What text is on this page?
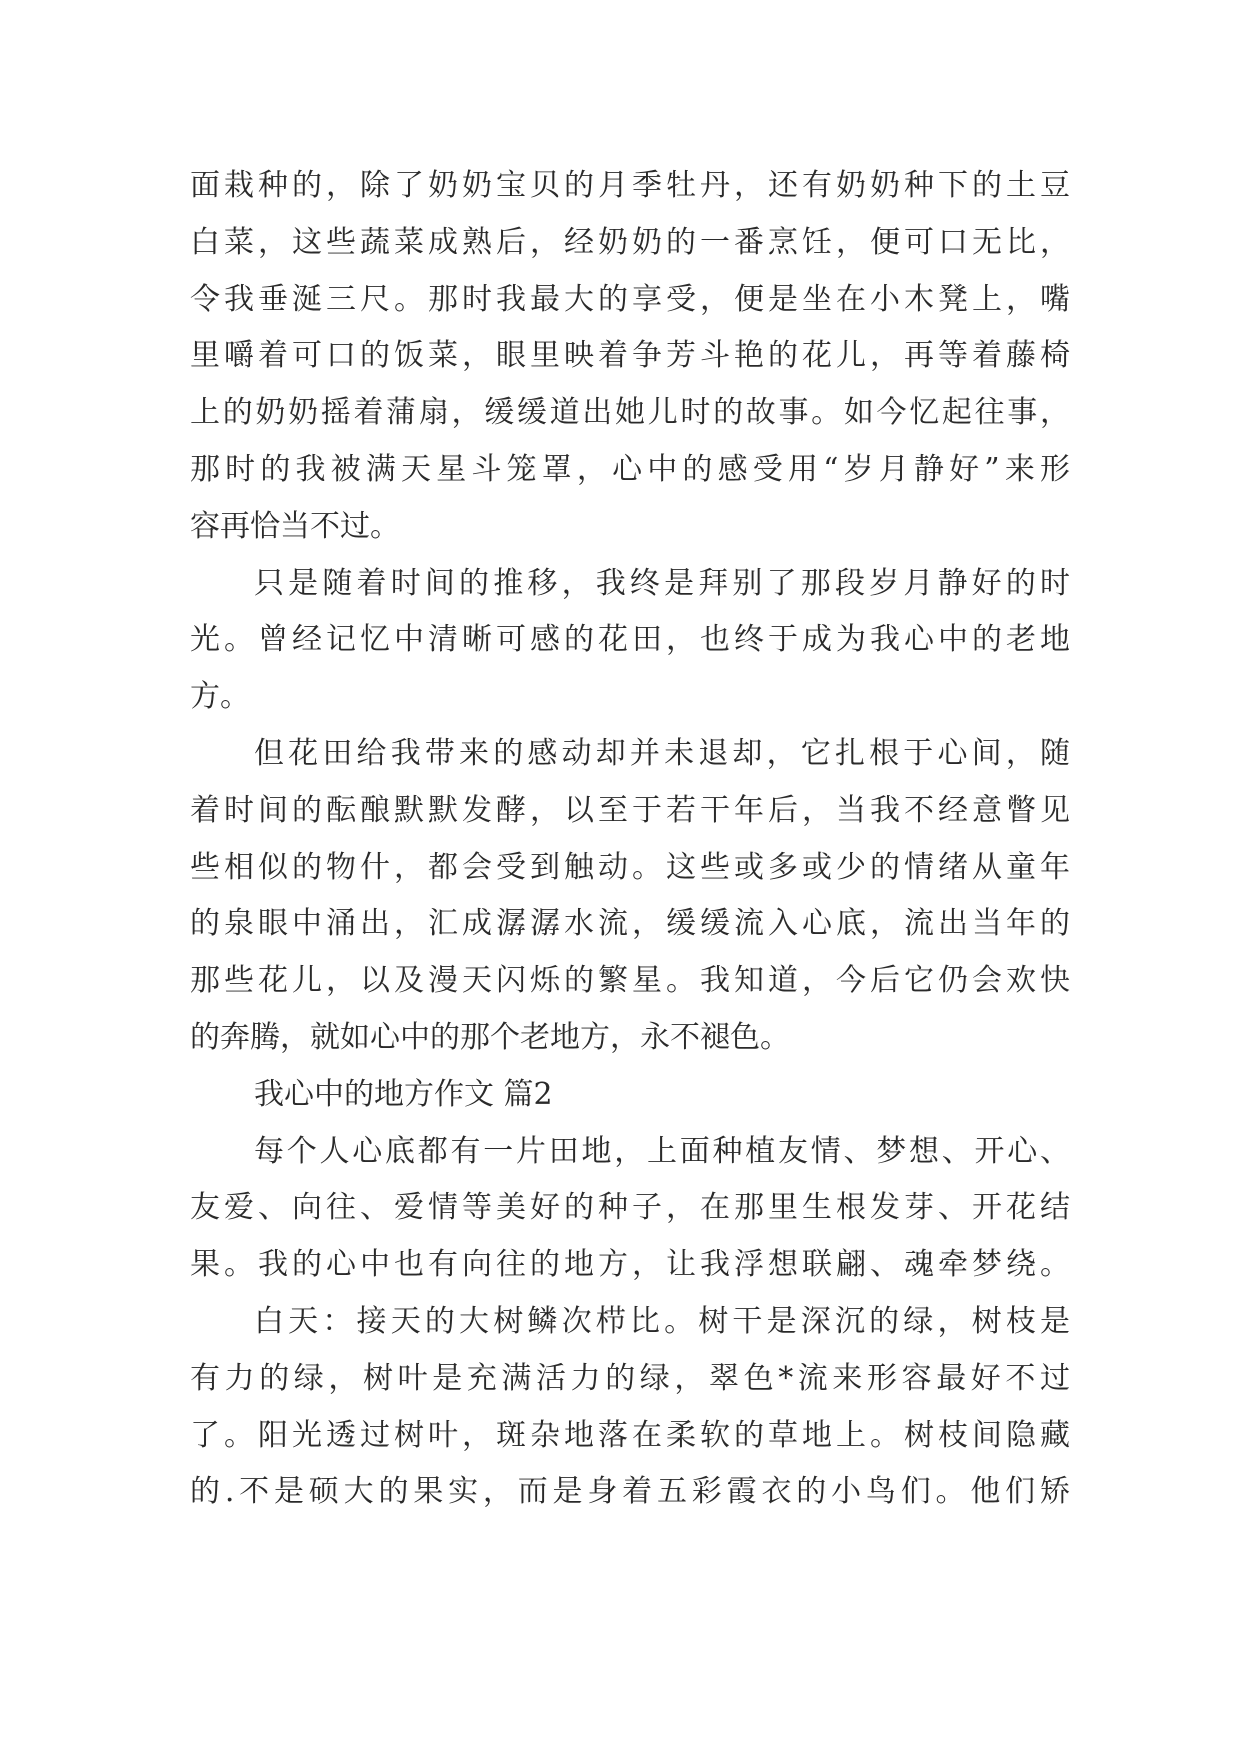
面栽种的，除了奶奶宝贝的月季牡丹，还有奶奶种下的土豆
白菜，这些蔬菜成熟后，经奶奶的一番烹饪，便可口无比，
令我垂涎三尺。那时我最大的享受，便是坐在小木凳上，嘴
里嚼着可口的饭菜，眼里映着争芳斗艳的花儿，再等着藤椅
上的奶奶摇着蒲扇，缓缓道出她儿时的故事。如今忆起往事，
那时的我被满天星斗笼罩，心中的感受用“岁月静好”来形
容再恰当不过。
只是随着时间的推移，我终是拜别了那段岁月静好的时
光。曾经记忆中清晰可感的花田，也终于成为我心中的老地
方。
但花田给我带来的感动却并未退却，它扎根于心间，随
着时间的酝酿默默发酵，以至于若干年后，当我不经意瞥见
些相似的物什，都会受到触动。这些或多或少的情绪从童年
的泉眼中涌出，汇成潺潺水流，缓缓流入心底，流出当年的
那些花儿，以及漫天闪烁的繁星。我知道，今后它仍会欢快
的奔腾，就如心中的那个老地方，永不褪色。
我心中的地方作文 篇2
每个人心底都有一片田地，上面种植友情、梦想、开心、
友爱、向往、爱情等美好的种子，在那里生根发芽、开花结
果。我的心中也有向往的地方，让我浮想联翩、魂牵梦绕。
白天：接天的大树鳞次栉比。树干是深沉的绿，树枝是
有力的绿，树叶是充满活力的绿，翠色*流来形容最好不过
了。阳光透过树叶，斑杂地落在柔软的草地上。树枝间隐藏
的.不是硕大的果实，而是身着五彩霞衣的小鸟们。他们矫
